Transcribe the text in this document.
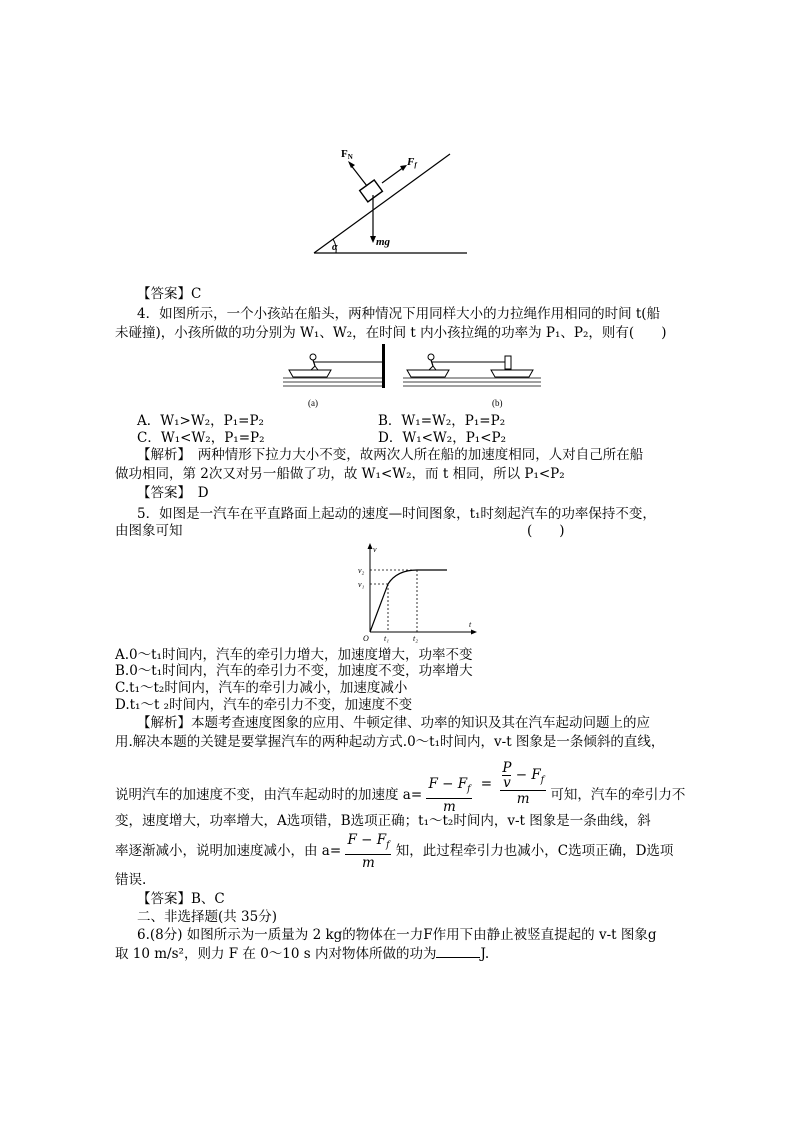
FN	Ff
mg
α
【答案】C
4．如图所示，一个小孩站在船头，两种情况下用同样大小的力拉绳作用相同的时间 t(船
未碰撞)，小孩所做的功分别为 W₁、W₂，在时间 t 内小孩拉绳的功率为 P₁、P₂，则有(　　)
(a)	(b)
A．W₁>W₂，P₁=P₂	B．W₁=W₂，P₁=P₂
C．W₁<W₂，P₁=P₂	D．W₁<W₂，P₁<P₂
【解析】　两种情形下拉力大小不变，故两次人所在船的加速度相同，人对自己所在船
做功相同，第 2次又对另一船做了功，故 W₁<W₂，而 t 相同，所以 P₁<P₂
【答案】　D
5．如图是一汽车在平直路面上起动的速度—时间图象，t₁时刻起汽车的功率保持不变，
由图象可知	(　　)
v
v₂
v₁
O t₁	t₂
t
A.0～t₁时间内，汽车的牵引力增大，加速度增大，功率不变
B.0～t₁时间内，汽车的牵引力不变，加速度不变，功率增大
C.t₁～t₂时间内，汽车的牵引力减小，加速度减小
D.t₁～t ₂时间内，汽车的牵引力不变，加速度不变
【解析】本题考查速度图象的应用、牛顿定律、功率的知识及其在汽车起动问题上的应
用.解决本题的关键是要掌握汽车的两种起动方式.0～t₁时间内，v-t 图象是一条倾斜的直线，
说明汽车的加速度不变，由汽车起动时的加速度 $a= \frac{F - F_f}{m} = \frac{\frac{P}{v} - F_f}{m}$ 可知，汽车的牵引力不
变，速度增大，功率增大，A选项错，B选项正确；t₁～t₂时间内，v-t 图象是一条曲线，斜
率逐渐减小，说明加速度减小，由 $a= \frac{F - F_f}{m}$ 知，此过程牵引力也减小，C选项正确，D选项
错误.
【答案】B、C
二、非选择题(共 35分)
6.(8分) 如图所示为一质量为 2 kg的物体在一力F作用下由静止被竖直提起的 v-t 图象g
取 10 m/s²，则力 F 在 0～10 s 内对物体所做的功为	J.
